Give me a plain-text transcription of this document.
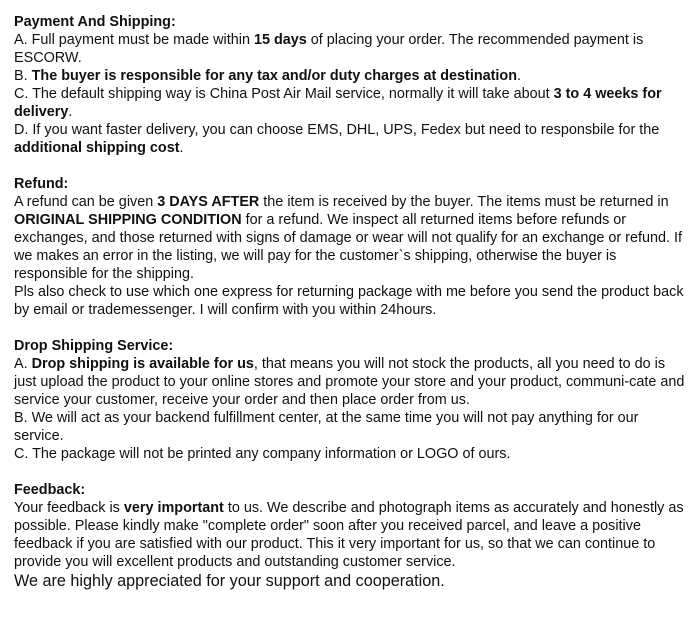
Payment And Shipping:

A. Full payment must be made within 15 days of placing your order. The recommended payment is ESCORW.

B. The buyer is responsible for any tax and/or duty charges at destination.

C. The default shipping way is China Post Air Mail service, normally it will take about 3 to 4 weeks for delivery.

D. If you want faster delivery, you can choose EMS, DHL, UPS, Fedex but need to responsbile for the additional shipping cost.

Refund:

A refund can be given 3 DAYS AFTER the item is received by the buyer. The items must be returned in ORIGINAL SHIPPING CONDITION for a refund. We inspect all returned items before refunds or exchanges, and those returned with signs of damage or wear will not qualify for an exchange or refund. If we makes an error in the listing, we will pay for the customer`s shipping, otherwise the buyer is responsible for the shipping.

Pls also check to use which one express for returning package with me before you send the product back by email or trademessenger. I will confirm with you within 24hours.

Drop Shipping Service:

A. Drop shipping is available for us, that means you will not stock the products, all you need to do is just upload the product to your online stores and promote your store and your product, communi-cate and service your customer, receive your order and then place order from us.

B. We will act as your backend fulfillment center, at the same time you will not pay anything for our service.

C. The package will not be printed any company information or LOGO of ours.

Feedback:

Your feedback is very important to us. We describe and photograph items as accurately and honestly as possible. Please kindly make "complete order" soon after you received parcel, and leave a positive feedback if you are satisfied with our product. This it very important for us, so that we can continue to provide you will excellent products and outstanding customer service.

We are highly appreciated for your support and cooperation.
